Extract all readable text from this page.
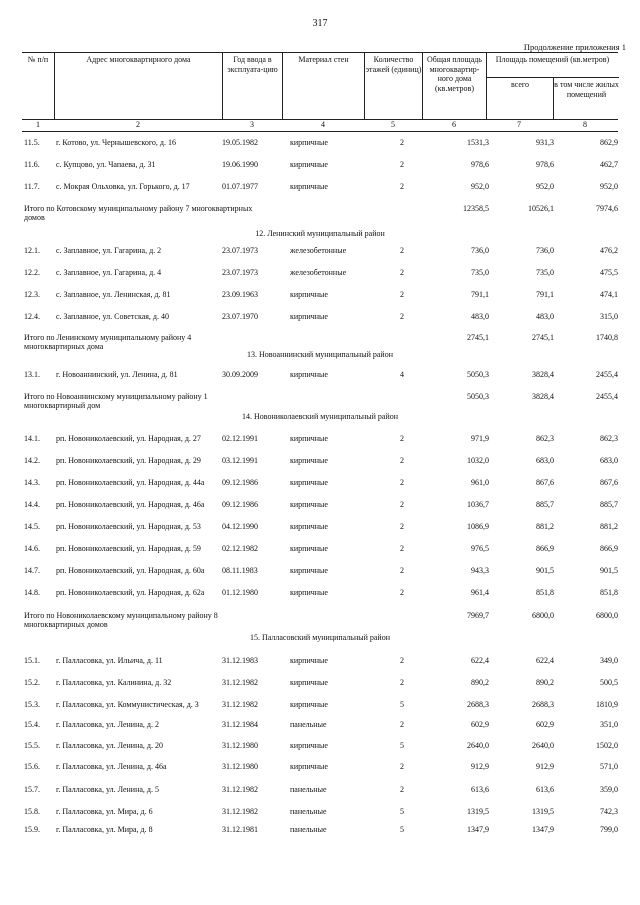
317
Продолжение приложения 1
№ п/п	Адрес многоквартирного дома	Год ввода в эксплуата-цию
Материал стен	Количество этажей (единиц)
Общая площадь многоквартир-ного дома (кв.метров)
Площадь помещений (кв.метров)
всего	в том числе жилых помещений
1	2	3	4	5	6	7	8
11.5. г. Котово, ул. Чернышевского, д. 16	19.05.1982	кирпичные	2	1531,3	931,3	862,9
11.6. с. Купцово, ул. Чапаева, д. 31	19.06.1990	кирпичные	2	978,6	978,6	462,7
11.7. с. Мокрая Ольховка, ул. Горького, д. 17	01.07.1977	кирпичные	2	952,0	952,0	952,0
Итого по Котовскому муниципальному району 7 многоквартирных домов
12358,5	10526,1	7974,6
12. Ленинский муниципальный район
12.1. с. Заплавное, ул. Гагарина, д. 2	23.07.1973	железобетонные	2	736,0	736,0	476,2
12.2. с. Заплавное, ул. Гагарина, д. 4	23.07.1973	железобетонные	2	735,0	735,0	475,5
12.3. с. Заплавное, ул. Ленинская, д. 81	23.09.1963	кирпичные	2	791,1	791,1	474,1
12.4. с. Заплавное, ул. Советская, д. 40	23.07.1970	кирпичные	2	483,0	483,0	315,0
Итого по Ленинскому муниципальному району 4 многоквартирных дома
2745,1	2745,1	1740,8
13. Новоаннинский муниципальный район
13.1. г. Новоаннинский, ул. Ленина, д. 81	30.09.2009	кирпичные	4	5050,3	3828,4	2455,4
Итого по Новоаннинскому муниципальному району 1 многоквартирный дом
5050,3	3828,4	2455,4
14. Новониколаевский муниципальный район
14.1. рп. Новониколаевский, ул. Народная, д. 27	02.12.1991	кирпичные	2	971,9	862,3	862,3
14.2. рп. Новониколаевский, ул. Народная, д. 29	03.12.1991	кирпичные	2	1032,0	683,0	683,0
14.3. рп. Новониколаевский, ул. Народная, д. 44а	09.12.1986	кирпичные	2	961,0	867,6	867,6
14.4. рп. Новониколаевский, ул. Народная, д. 46а	09.12.1986	кирпичные	2	1036,7	885,7	885,7
14.5. рп. Новониколаевский, ул. Народная, д. 53	04.12.1990	кирпичные	2	1086,9	881,2	881,2
14.6. рп. Новониколаевский, ул. Народная, д. 59	02.12.1982	кирпичные	2	976,5	866,9	866,9
14.7. рп. Новониколаевский, ул. Народная, д. 60а	08.11.1983	кирпичные	2	943,3	901,5	901,5
14.8. рп. Новониколаевский, ул. Народная, д. 62а	01.12.1980	кирпичные	2	961,4	851,8	851,8
Итого по Новониколаевскому муниципальному району 8 многоквартирных домов
7969,7	6800,0	6800,0
15. Палласовский муниципальный район
15.1. г. Палласовка, ул. Ильича, д. 11	31.12.1983	кирпичные	2	622,4	622,4	349,0
15.2. г. Палласовка, ул. Калинина, д. 32	31.12.1982	кирпичные	2	890,2	890,2	500,5
15.3. г. Палласовка, ул. Коммунистическая, д. 3	31.12.1982	кирпичные	5	2688,3	2688,3	1810,9
15.4. г. Палласовка, ул. Ленина, д. 2	31.12.1984	панельные	2	602,9	602,9	351,0
15.5. г. Палласовка, ул. Ленина, д. 20	31.12.1980	кирпичные	5	2640,0	2640,0	1502,0
15.6. г. Палласовка, ул. Ленина, д. 46а	31.12.1980	кирпичные	2	912,9	912,9	571,0
15.7. г. Палласовка, ул. Ленина, д. 5	31.12.1982	панельные	2	613,6	613,6	359,0
15.8. г. Палласовка, ул. Мира, д. 6	31.12.1982	панельные	5	1319,5	1319,5	742,3
15.9. г. Палласовка, ул. Мира, д. 8	31.12.1981	панельные	5	1347,9	1347,9	799,0
